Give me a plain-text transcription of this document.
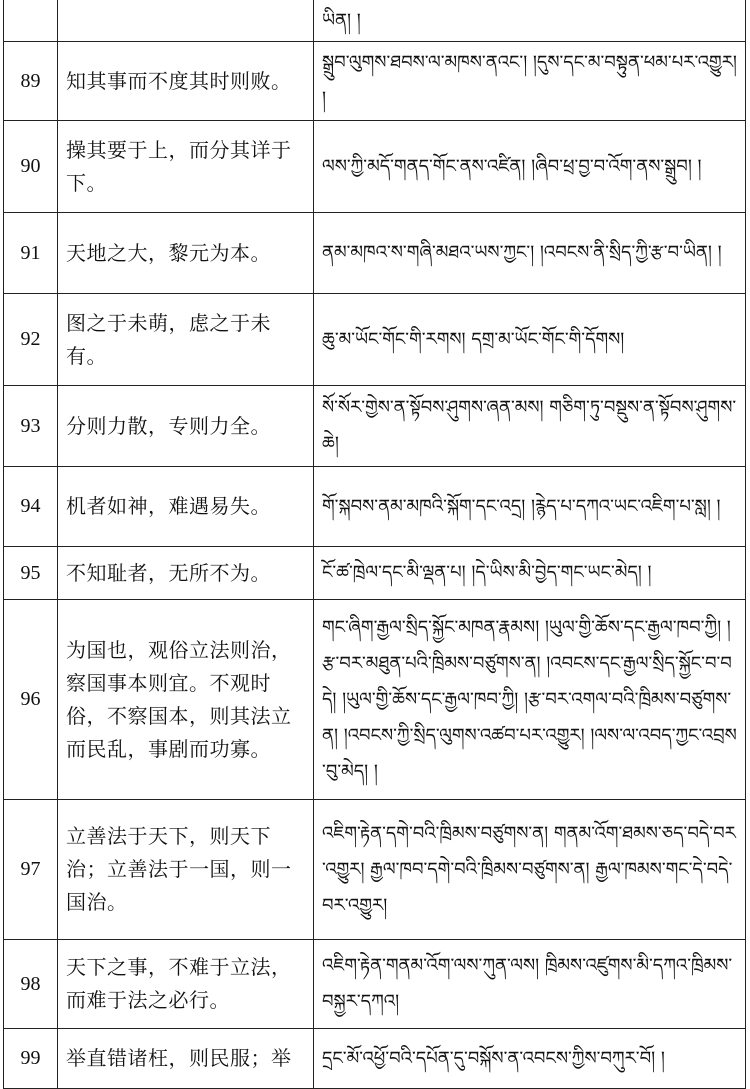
		ཡིན། །
89	知其事而不度其时则败。	སྒྲུབ་ལུགས་ཐབས་ལ་མཁས་ནའང་། །དུས་དང་མ་བསྟུན་ཕམ་པར་འགྱུར། །
90	操其要于上，而分其详于下。	ལས་ཀྱི་མདོ་གནད་གོང་ནས་འཛིན། །ཞིབ་ཕྲ་བྱ་བ་འོག་ནས་སྒྲུབ། །
91	天地之大，黎元为本。	ནམ་མཁའ་ས་གཞི་མཐའ་ཡས་ཀྱང་། །འབངས་ནི་སྲིད་ཀྱི་རྩ་བ་ཡིན། །
92	图之于未萌，虑之于未有。	ཆུ་མ་ཡོང་གོང་གི་རགས། དགྲ་མ་ཡོང་གོང་གི་དོགས།
93	分则力散，专则力全。	སོ་སོར་གྱེས་ན་སྟོབས་ཤུགས་ཞན་མས། གཅིག་ཏུ་བསྡུས་ན་སྟོབས་ཤུགས་ཆེ།
94	机者如神，难遇易失。	གོ་སྐབས་ནམ་མཁའི་སྐོག་དང་འདྲ། །རྙེད་པ་དཀའ་ཡང་འཇིག་པ་སླ། །
95	不知耻者，无所不为。	ངོ་ཚ་ཁྲེལ་དང་མི་ལྡན་པ། །དེ་ཡིས་མི་བྱེད་གང་ཡང་མེད། །
96	为国也，观俗立法则治，察国事本则宜。不观时俗，不察国本，则其法立而民乱，事剧而功寡。	གང་ཞིག་རྒྱལ་སྲིད་སྐྱོང་མཁན་རྣམས། །ཡུལ་གྱི་ཆོས་དང་རྒྱལ་ཁབ་ཀྱི། །རྩ་བར་མཐུན་པའི་ཁྲིམས་བཙུགས་ན། །འབངས་དང་རྒྱལ་སྲིད་སྐྱོང་བ་བདེ། །ཡུལ་གྱི་ཆོས་དང་རྒྱལ་ཁབ་ཀྱི། །རྩ་བར་འགལ་བའི་ཁྲིམས་བཙུགས་ན། །འབངས་ཀྱི་སྲིད་ལུགས་འཚབ་པར་འགྱུར། །ལས་ལ་འབད་ཀྱང་འབྲས་བུ་མེད། །
97	立善法于天下，则天下治；立善法于一国，则一国治。	འཇིག་རྟེན་དགེ་བའི་ཁྲིམས་བཙུགས་ན། གནམ་འོག་ཐམས་ཅད་བདེ་བར་འགྱུར། རྒྱལ་ཁབ་དགེ་བའི་ཁྲིམས་བཙུགས་ན། རྒྱལ་ཁམས་གང་དེ་བདེ་བར་འགྱུར།
98	天下之事，不难于立法，而难于法之必行。	འཇིག་རྟེན་གནམ་འོག་ལས་ཀུན་ལས། ཁྲིམས་འཛུགས་མི་དཀའ་ཁྲིམས་བསྐྱར་དཀའ།
99	举直错诸枉，则民服；举	དྲང་མོ་འཕྱོ་བའི་དཔོན་དུ་བསྐོས་ན་འབངས་ཀྱིས་བཀུར་བོ། །
